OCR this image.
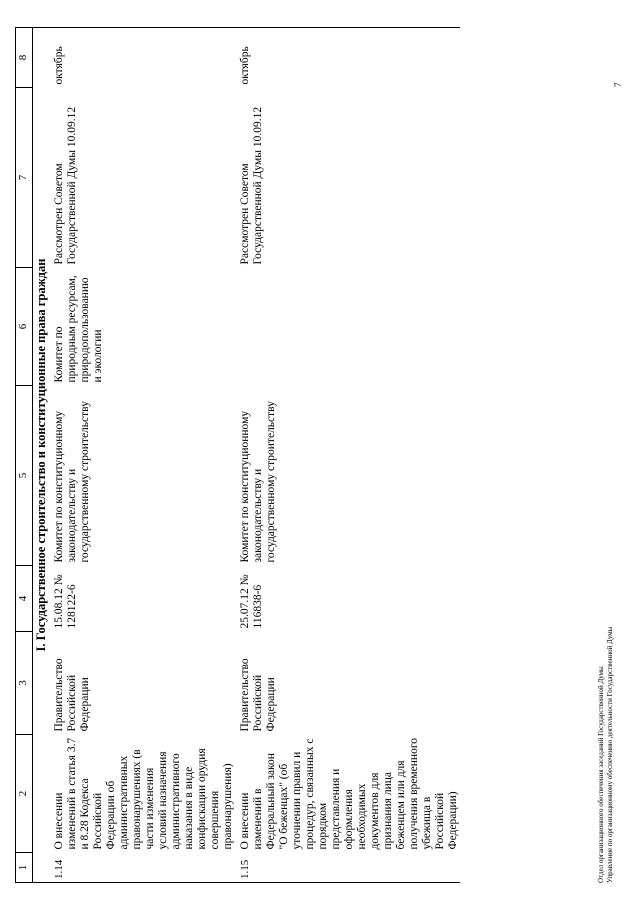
1	2	3	4	5	6	7	8
I. Государственное строительство и конституционные права граждан							
1.14	О внесении изменений в статья 3.7 и 8.28 Кодекса Российской Федерации об административных правонарушениях (в части изменения условий назначения административного наказания в виде конфискации орудия совершения правонарушения)	Правительство Российской Федерации	15.08.12 № 128122-6	Комитет по конституционному законодательству и государственному строительству	Комитет по природным ресурсам, природопользованию и экологии	Рассмотрен Советом Государственной Думы 10.09.12	октябрь
1.15	О внесении изменений в Федеральный закон "О беженцах" (об уточнении правил и процедур, связанных с порядком представления и оформления необходимых документов для признания лица беженцем или для получения временного убежища в Российской Федерации)	Правительство Российской Федерации	25.07.12 № 116838-6	Комитет по конституционному законодательству и государственному строительству		Рассмотрен Советом Государственной Думы 10.09.12	октябрь
Отдел организационного обеспечения заседаний Государственной Думы Управление по организационному обеспечению деятельности Государственной Думы
7
